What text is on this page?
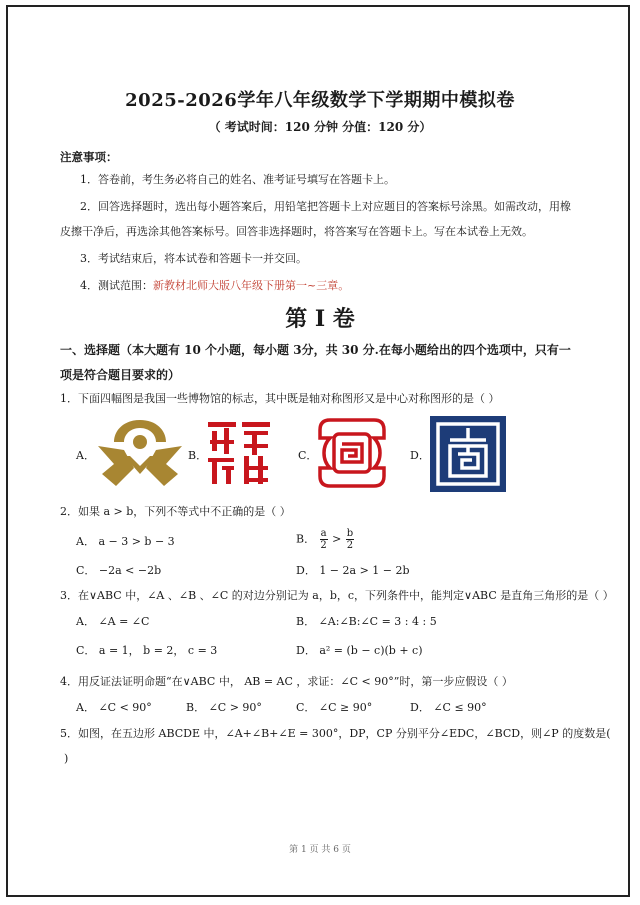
2025-2026学年八年级数学下学期期中模拟卷
（ 考试时间：120 分钟 分值：120 分）
注意事项：
1．答卷前，考生务必将自己的姓名、准考证号填写在答题卡上。
2．回答选择题时，选出每小题答案后，用铅笔把答题卡上对应题目的答案标号涂黑。如需改动，用橡
皮擦干净后，再选涂其他答案标号。回答非选择题时，将答案写在答题卡上。写在本试卷上无效。
3．考试结束后，将本试卷和答题卡一并交回。
4．测试范围：新教材北师大版八年级下册第一~三章。
第 I 卷
一、选择题（本大题有 10 个小题，每小题 3分，共 30 分.在每小题给出的四个选项中，只有一
项是符合题目要求的）
1．下面四幅图是我国一些博物馆的标志，其中既是轴对称图形又是中心对称图形的是（ ）
A．	B．	C．	D．
2．如果 a > b，下列不等式中不正确的是（ ）
A． a − 3 > b − 3	B． $\frac{a}{2} > \frac{b}{2}$
C． −2a < −2b	D． 1 − 2a > 1 − 2b
3．在∨ABC 中，∠A 、∠B 、∠C 的对边分别记为 a，b，c，下列条件中，能判定∨ABC 是直角三角形的是（ ）
A． ∠A = ∠C	B． ∠A:∠B:∠C = 3 : 4 : 5
C． a = 1， b = 2， c = 3	D． a² = (b − c)(b + c)
4．用反证法证明命题“在∨ABC 中， AB = AC ，求证：∠C < 90°”时，第一步应假设（ ）
A． ∠C < 90°	B． ∠C > 90°	C． ∠C ≥ 90°	D． ∠C ≤ 90°
5．如图，在五边形 ABCDE 中，∠A+∠B+∠E = 300°，DP，CP 分别平分∠EDC，∠BCD，则∠P 的度数是(
)
第 1 页 共 6 页
